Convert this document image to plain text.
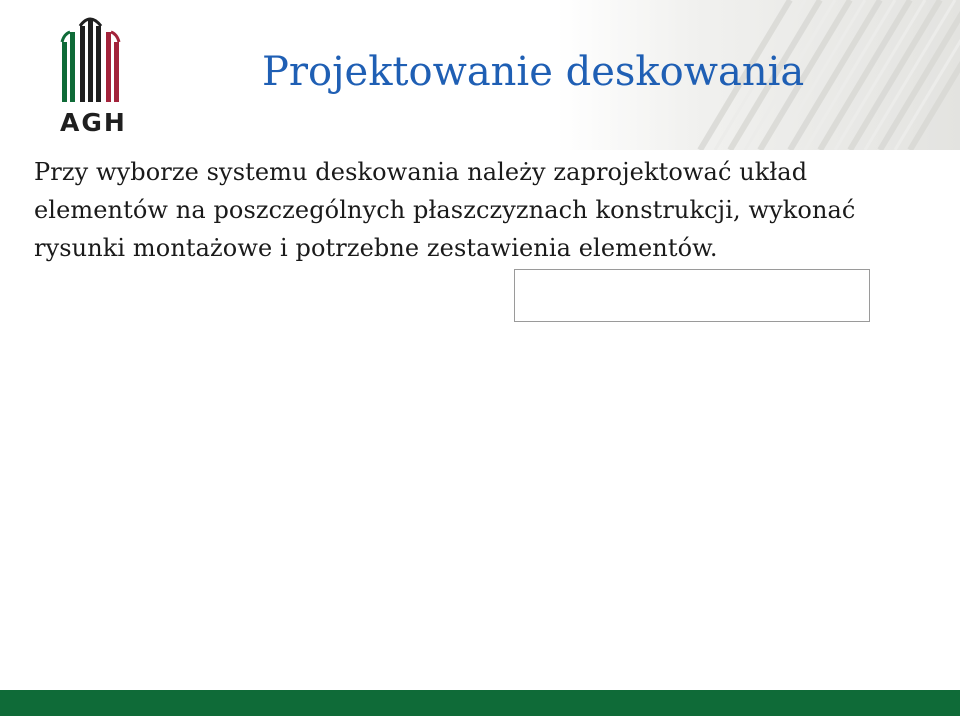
AGH
Projektowanie deskowania

Przy wyborze systemu deskowania należy zaprojektować układ elementów na poszczególnych płaszczyznach konstrukcji, wykonać rysunki montażowe i potrzebne zestawienia elementów.
